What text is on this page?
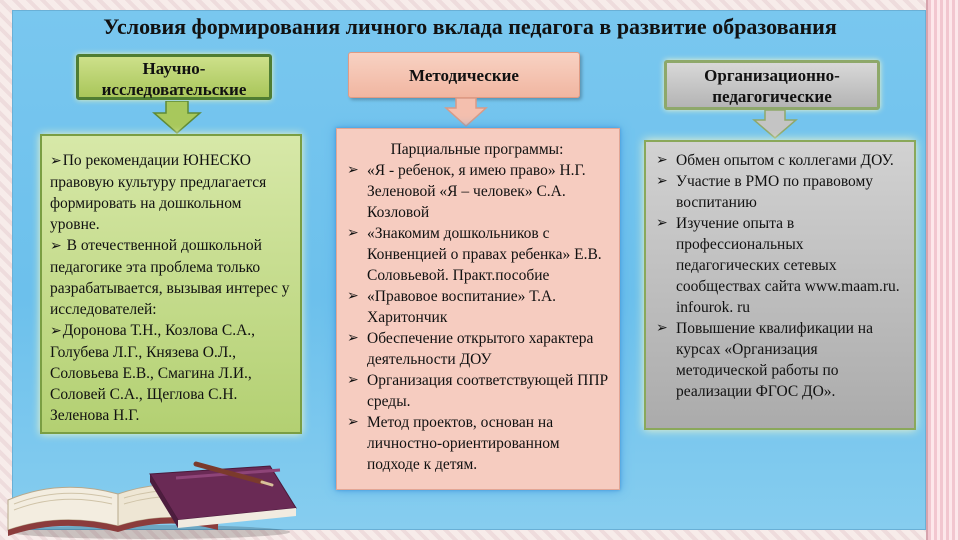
Условия формирования личного вклада педагога в развитие образования
Научно-
исследовательские
Методические	Организационно-
педагогические

➢По рекомендации ЮНЕСКО правовую культуру предлагается формировать на дошкольном уровне.

➢ В отечественной дошкольной педагогике эта проблема только разрабатывается, вызывая интерес у исследователей:

➢Доронова Т.Н., Козлова С.А., Голубева Л.Г., Князева О.Л., Соловьева Е.В., Смагина Л.И., Соловей С.А., Щеглова С.Н. Зеленова Н.Г.

Парциальные программы:

➢ «Я - ребенок, я имею право» Н.Г. Зеленовой «Я – человек» С.А. Козловой
➢ «Знакомим дошкольников с Конвенцией о правах ребенка» Е.В. Соловьевой. Практ.пособие
➢ «Правовое воспитание» Т.А. Харитончик
➢ Обеспечение открытого характера деятельности ДОУ
➢ Организация соответствующей ППР среды.
➢ Метод проектов, основан на личностно-ориентированном подходе к детям.
➢ Обмен опытом с коллегами ДОУ.
➢ Участие в РМО по правовому воспитанию
➢ Изучение опыта в профессиональных педагогических сетевых сообществах сайта www.maam.ru. infourok. ru
➢ Повышение квалификации на курсах «Организация методической работы по реализации ФГОС ДО».
